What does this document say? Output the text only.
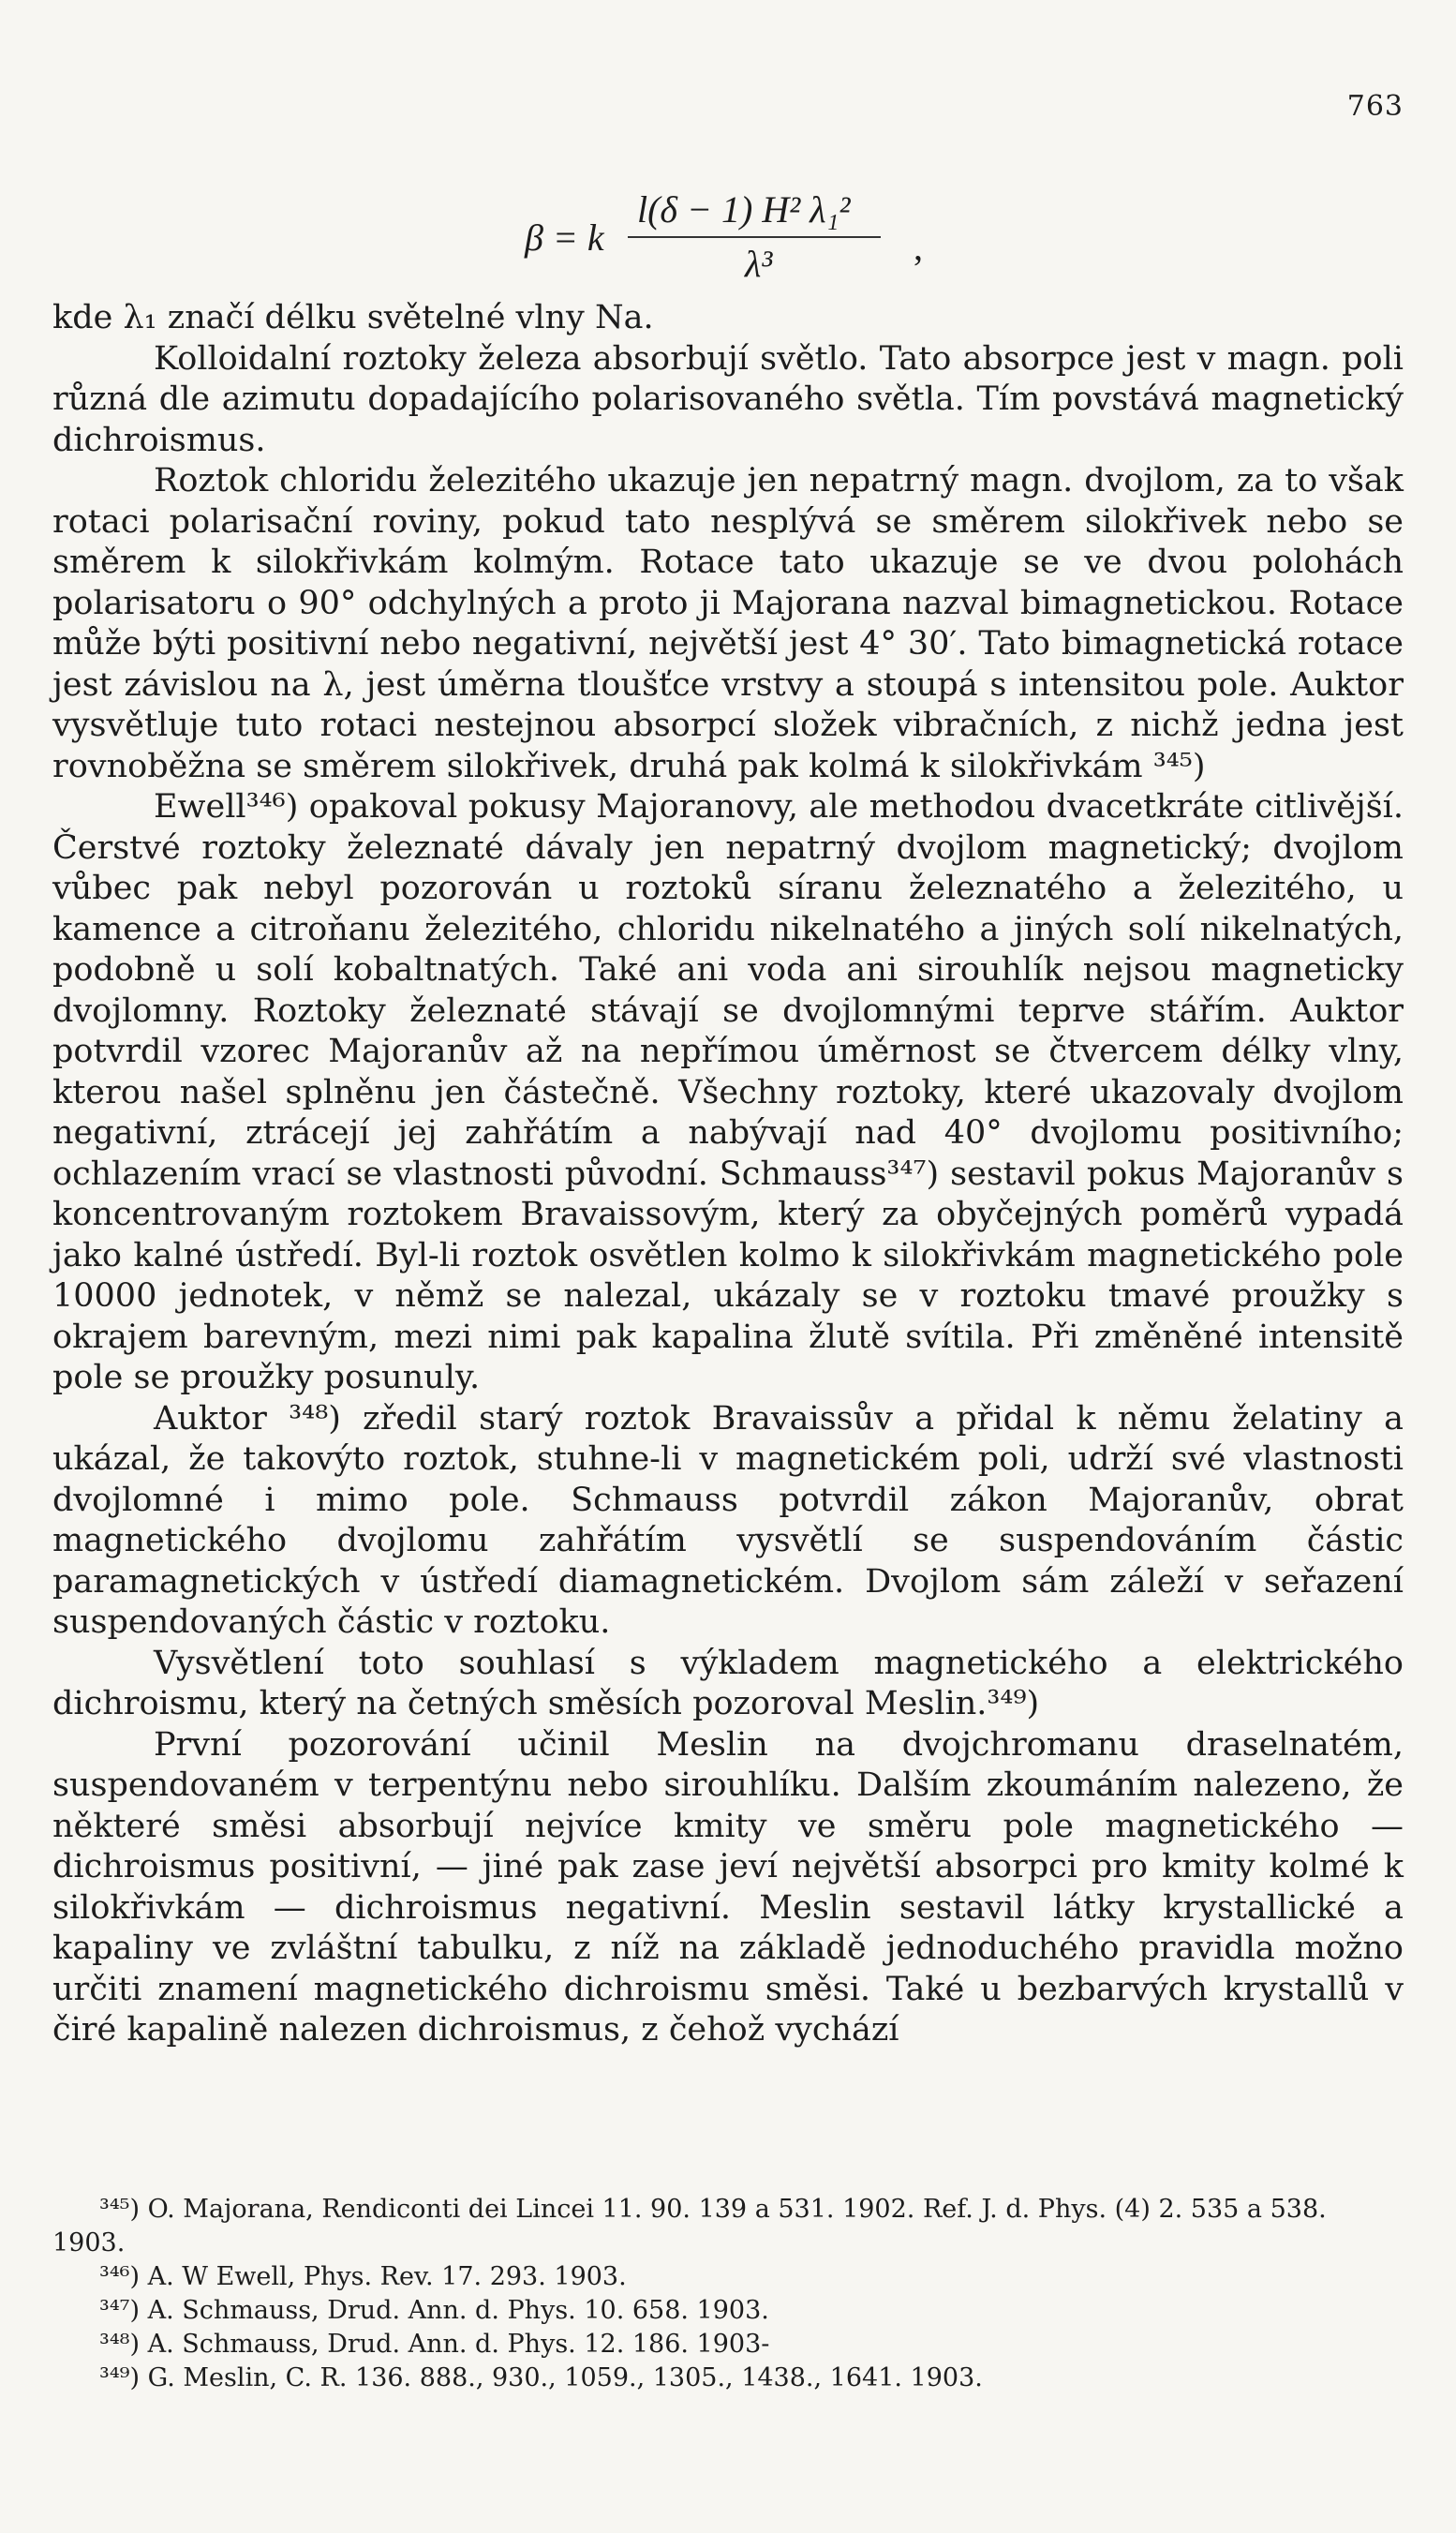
763
β = k
l(δ − 1) H² λ₁²
λ³	,

kde λ₁ značí délku světelné vlny Na.

Kolloidalní roztoky železa absorbují světlo. Tato absorpce jest v magn. poli různá dle azimutu dopadajícího polarisovaného světla. Tím povstává magnetický dichroismus.

Roztok chloridu železitého ukazuje jen nepatrný magn. dvojlom, za to však rotaci polarisační roviny, pokud tato nesplývá se směrem silokřivek nebo se směrem k silokřivkám kolmým. Rotace tato ukazuje se ve dvou polohách polarisatoru o 90° odchylných a proto ji Majorana nazval bimagnetickou. Rotace může býti positivní nebo negativní, největší jest 4° 30′. Tato bimagnetická rotace jest závislou na λ, jest úměrna tloušťce vrstvy a stoupá s intensitou pole. Auktor vysvětluje tuto rotaci nestejnou absorpcí složek vibračních, z nichž jedna jest rovnoběžna se směrem silokřivek, druhá pak kolmá k silokřivkám ³⁴⁵)

Ewell³⁴⁶) opakoval pokusy Majoranovy, ale methodou dvacetkráte citlivější. Čerstvé roztoky železnaté dávaly jen nepatrný dvojlom magnetický; dvojlom vůbec pak nebyl pozorován u roztoků síranu železnatého a železitého, u kamence a citroňanu železitého, chloridu nikelnatého a jiných solí nikelnatých, podobně u solí kobaltnatých. Také ani voda ani sirouhlík nejsou magneticky dvojlomny. Roztoky železnaté stávají se dvojlomnými teprve stářím. Auktor potvrdil vzorec Majoranův až na nepřímou úměrnost se čtvercem délky vlny, kterou našel splněnu jen částečně. Všechny roztoky, které ukazovaly dvojlom negativní, ztrácejí jej zahřátím a nabývají nad 40° dvojlomu positivního; ochlazením vrací se vlastnosti původní. Schmauss³⁴⁷) sestavil pokus Majoranův s koncentrovaným roztokem Bravaissovým, který za obyčejných poměrů vypadá jako kalné ústředí. Byl-li roztok osvětlen kolmo k silokřivkám magnetického pole 10000 jednotek, v němž se nalezal, ukázaly se v roztoku tmavé proužky s okrajem barevným, mezi nimi pak kapalina žlutě svítila. Při změněné intensitě pole se proužky posunuly.

Auktor ³⁴⁸) zředil starý roztok Bravaissův a přidal k němu želatiny a ukázal, že takovýto roztok, stuhne-li v magnetickém poli, udrží své vlastnosti dvojlomné i mimo pole. Schmauss potvrdil zákon Majoranův, obrat magnetického dvojlomu zahřátím vysvětlí se suspendováním částic paramagnetických v ústředí diamagnetickém. Dvojlom sám záleží v seřazení suspendovaných částic v roztoku.

Vysvětlení toto souhlasí s výkladem magnetického a elektrického dichroismu, který na četných směsích pozoroval Meslin.³⁴⁹)

První pozorování učinil Meslin na dvojchromanu draselnatém, suspendovaném v terpentýnu nebo sirouhlíku. Dalším zkoumáním nalezeno, že některé směsi absorbují nejvíce kmity ve směru pole magnetického — dichroismus positivní, — jiné pak zase jeví největší absorpci pro kmity kolmé k silokřivkám — dichroismus negativní. Meslin sestavil látky krystallické a kapaliny ve zvláštní tabulku, z níž na základě jednoduchého pravidla možno určiti znamení magnetického dichroismu směsi. Také u bezbarvých krystallů v čiré kapalině nalezen dichroismus, z čehož vychází

³⁴⁵) O. Majorana, Rendiconti dei Lincei 11. 90. 139 a 531. 1902. Ref. J. d. Phys. (4) 2. 535 a 538. 1903.

³⁴⁶) A. W Ewell, Phys. Rev. 17. 293. 1903.

³⁴⁷) A. Schmauss, Drud. Ann. d. Phys. 10. 658. 1903.

³⁴⁸) A. Schmauss, Drud. Ann. d. Phys. 12. 186. 1903-

³⁴⁹) G. Meslin, C. R. 136. 888., 930., 1059., 1305., 1438., 1641. 1903.
